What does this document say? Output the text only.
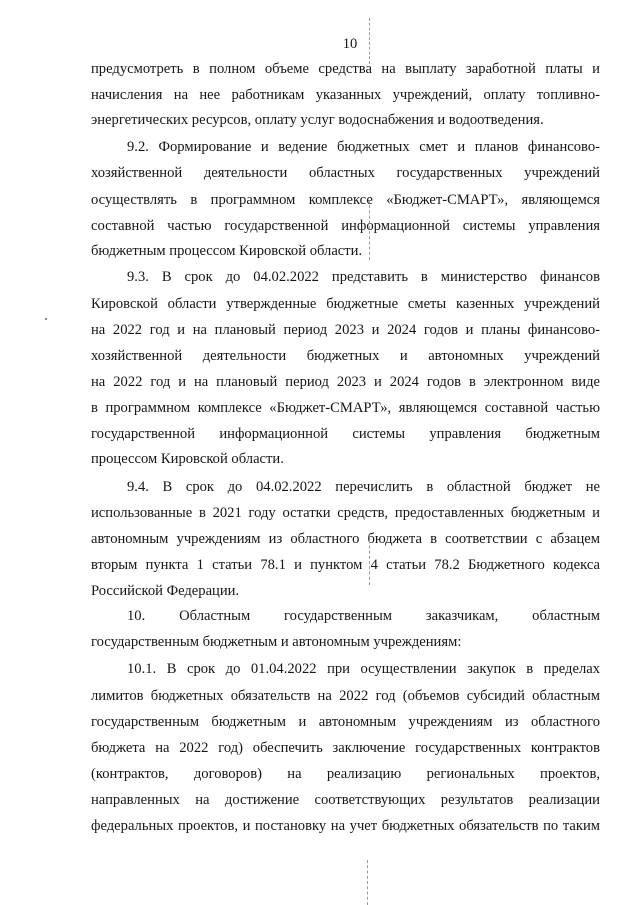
10
предусмотреть в полном объеме средства на выплату заработной платы и
начисления на нее работникам указанных учреждений, оплату топливно-
энергетических ресурсов, оплату услуг водоснабжения и водоотведения.
9.2. Формирование и ведение бюджетных смет и планов финансово-
хозяйственной деятельности областных государственных учреждений
осуществлять в программном комплексе «Бюджет-СМАРТ», являющемся
составной частью государственной информационной системы управления
бюджетным процессом Кировской области.
9.3. В срок до 04.02.2022 представить в министерство финансов
Кировской области утвержденные бюджетные сметы казенных учреждений
на 2022 год и на плановый период 2023 и 2024 годов и планы финансово-
хозяйственной деятельности бюджетных и автономных учреждений
на 2022 год и на плановый период 2023 и 2024 годов в электронном виде
в программном комплексе «Бюджет-СМАРТ», являющемся составной частью
государственной информационной системы управления бюджетным
процессом Кировской области.
9.4. В срок до 04.02.2022 перечислить в областной бюджет не
использованные в 2021 году остатки средств, предоставленных бюджетным и
автономным учреждениям из областного бюджета в соответствии с абзацем
вторым пункта 1 статьи 78.1 и пунктом 4 статьи 78.2 Бюджетного кодекса
Российской Федерации.
10. Областным государственным заказчикам, областным
государственным бюджетным и автономным учреждениям:
10.1. В срок до 01.04.2022 при осуществлении закупок в пределах
лимитов бюджетных обязательств на 2022 год (объемов субсидий областным
государственным бюджетным и автономным учреждениям из областного
бюджета на 2022 год) обеспечить заключение государственных контрактов
(контрактов, договоров) на реализацию региональных проектов,
направленных на достижение соответствующих результатов реализации
федеральных проектов, и постановку на учет бюджетных обязательств по таким
